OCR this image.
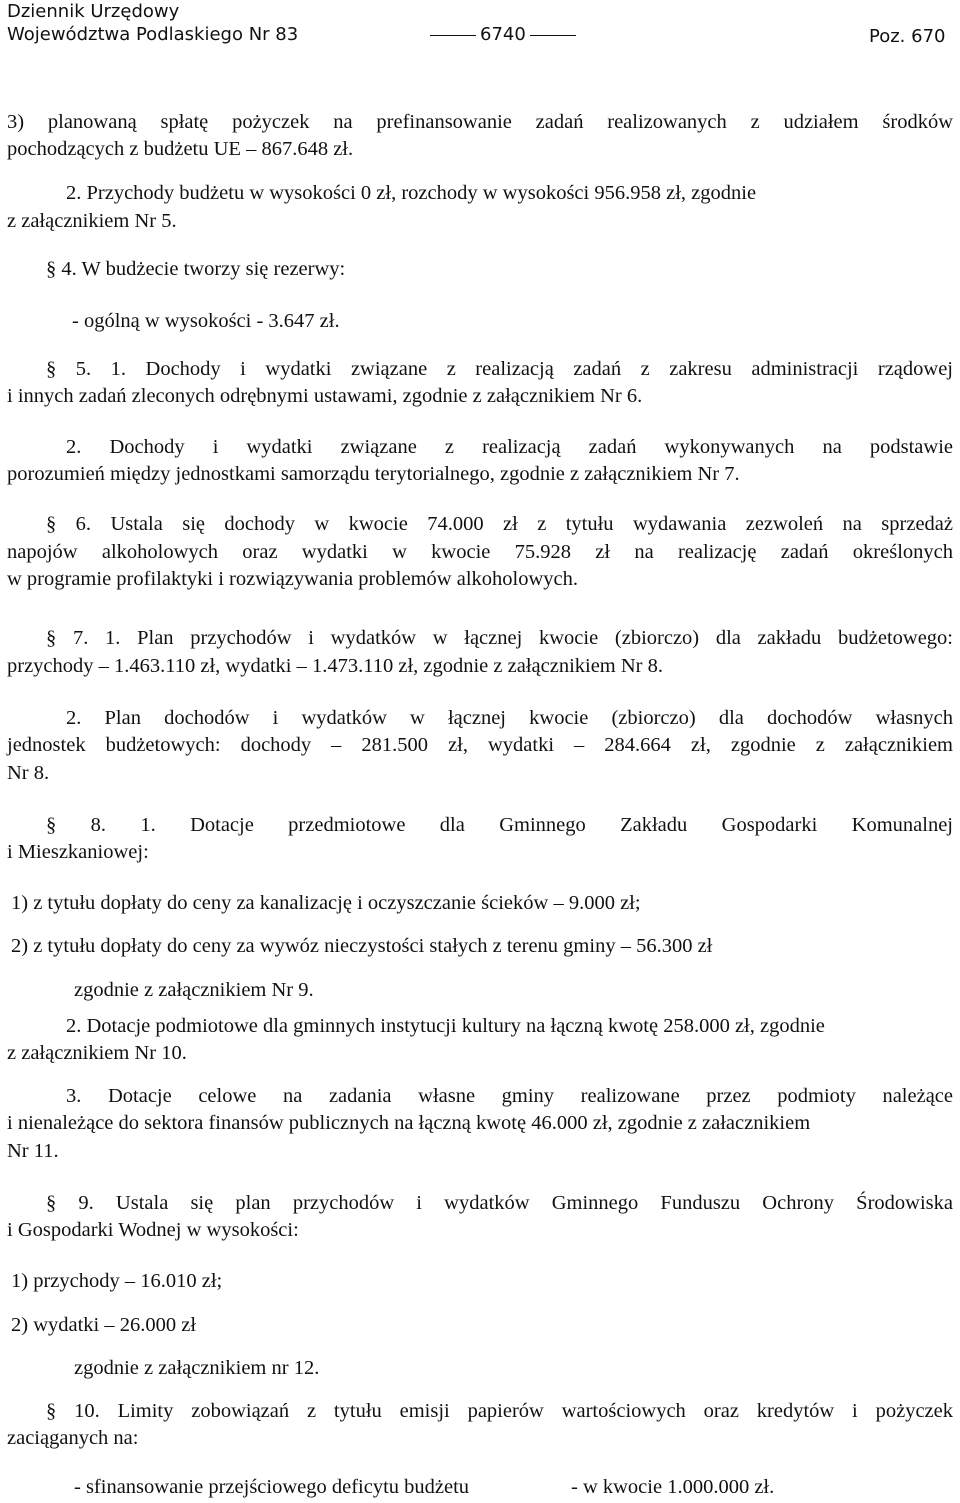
Dziennik Urzędowy
Województwa Podlaskiego Nr 83	6740	Poz. 670
3) planowaną spłatę pożyczek na prefinansowanie zadań realizowanych z udziałem środków
pochodzących z budżetu UE – 867.648 zł.
2. Przychody budżetu w wysokości 0 zł, rozchody w wysokości 956.958 zł, zgodnie
z załącznikiem Nr 5.
§ 4. W budżecie tworzy się rezerwy:
- ogólną w wysokości - 3.647 zł.
§ 5. 1. Dochody i wydatki związane z realizacją zadań z zakresu administracji rządowej
i innych zadań zleconych odrębnymi ustawami, zgodnie z załącznikiem Nr 6.
2. Dochody i wydatki związane z realizacją zadań wykonywanych na podstawie
porozumień między jednostkami samorządu terytorialnego, zgodnie z załącznikiem Nr 7.
§ 6. Ustala się dochody w kwocie 74.000 zł z tytułu wydawania zezwoleń na sprzedaż
napojów alkoholowych oraz wydatki w kwocie 75.928 zł na realizację zadań określonych
w programie profilaktyki i rozwiązywania problemów alkoholowych.
§ 7. 1. Plan przychodów i wydatków w łącznej kwocie (zbiorczo) dla zakładu budżetowego:
przychody – 1.463.110 zł, wydatki – 1.473.110 zł, zgodnie z załącznikiem Nr 8.
2. Plan dochodów i wydatków w łącznej kwocie (zbiorczo) dla dochodów własnych
jednostek budżetowych: dochody – 281.500 zł, wydatki – 284.664 zł, zgodnie z załącznikiem
Nr 8.
§ 8. 1. Dotacje przedmiotowe dla Gminnego Zakładu Gospodarki Komunalnej
i Mieszkaniowej:
1) z tytułu dopłaty do ceny za kanalizację i oczyszczanie ścieków – 9.000 zł;
2) z tytułu dopłaty do ceny za wywóz nieczystości stałych z terenu gminy – 56.300 zł
zgodnie z załącznikiem Nr 9.
2. Dotacje podmiotowe dla gminnych instytucji kultury na łączną kwotę 258.000 zł, zgodnie
z załącznikiem Nr 10.
3. Dotacje celowe na zadania własne gminy realizowane przez podmioty należące
i nienależące do sektora finansów publicznych na łączną kwotę 46.000 zł, zgodnie z załacznikiem
Nr 11.
§ 9. Ustala się plan przychodów i wydatków Gminnego Funduszu Ochrony Środowiska
i Gospodarki Wodnej w wysokości:
1) przychody – 16.010 zł;
2) wydatki – 26.000 zł
zgodnie z załącznikiem nr 12.
§ 10. Limity zobowiązań z tytułu emisji papierów wartościowych oraz kredytów i pożyczek
zaciąganych na:
- sfinansowanie przejściowego deficytu budżetu	- w kwocie 1.000.000 zł.
